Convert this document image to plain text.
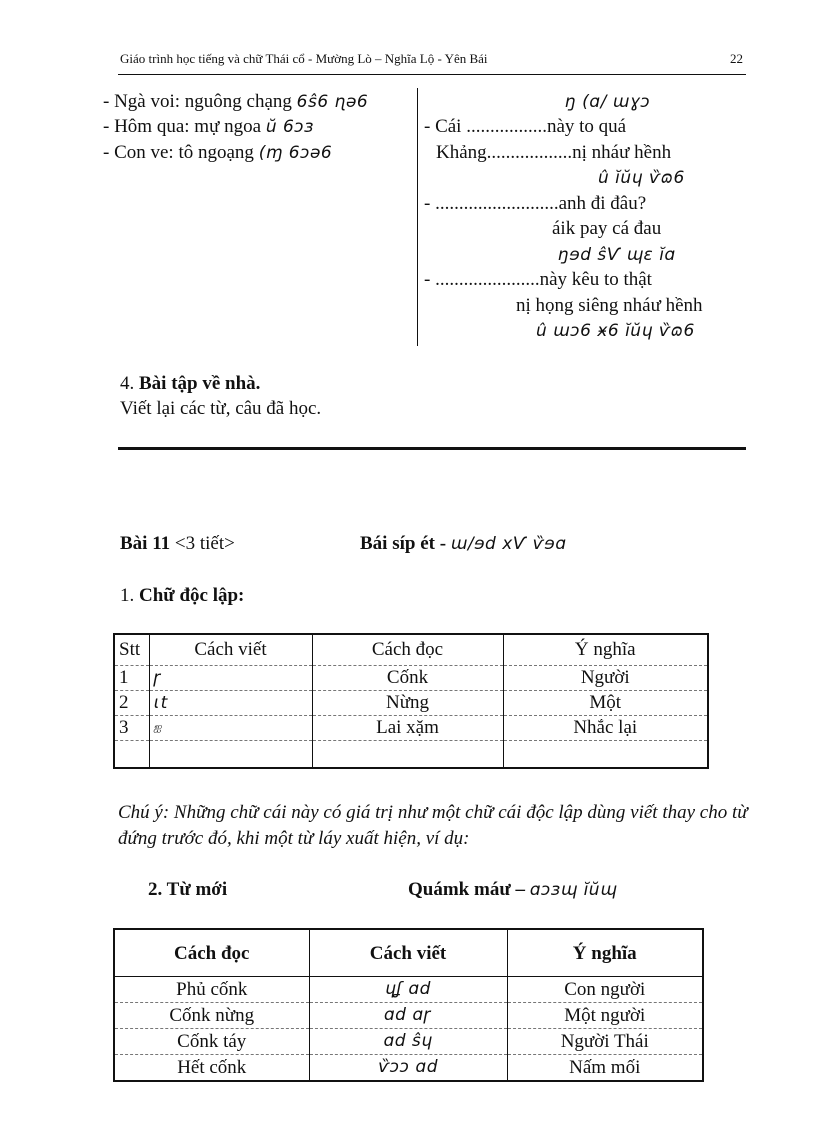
Giáo trình học tiếng và chữ Thái cổ - Mường Lò – Nghĩa Lộ - Yên Bái	22
- Ngà voi: nguông chạng 6ŝ6 ɳə6
- Hôm qua: mự ngoa ŭ 6ɔɜ
- Con ve: tô ngoạng (ɱ 6ɔə6
ŋ (ɑ/ ɯɣɔ
- Cái .................này to quá
Khảng..................nị nháư hềnh
û ĭŭɥ ѷɷ6
- ..........................anh đi đâu?
áik pay cá đau
ŋɘd ŝѴ ɰɛ ĭɑ
- ......................này kêu to thật
nị họng siêng nháư hềnh
û ɯɔ6 ӿ6 ĭŭɥ ѷɷ6
4. Bài tập về nhà.
Viết lại các từ, câu đã học.
Bài 11 <3 tiết>	Bái síp ét - ɯ/ɘd xѴ ѷɘɑ
1. Chữ độc lập:
Stt	Cách viết	Cách đọc	Ý nghĩa
1	ɼ	Cốnk	Người
2	ɩt	Nừng	Một
3	ஐ	Lai xặm	Nhắc lại

Chú ý: Những chữ cái này có giá trị như một chữ cái độc lập dùng viết thay cho từ đứng trước đó, khi một từ láy xuất hiện, ví dụ:
2. Từ mới	Quámk máư – ɑɔɜɰ ĭŭɰ
Cách đọc	Cách viết	Ý nghĩa
Phủ cốnk	ɥʆ ɑd	Con người
Cốnk nừng	ɑd ɑɼ	Một người
Cốnk táy	ɑd ŝɥ	Người Thái
Hết cốnk	ѷɔɔ ɑd	Nấm mối
